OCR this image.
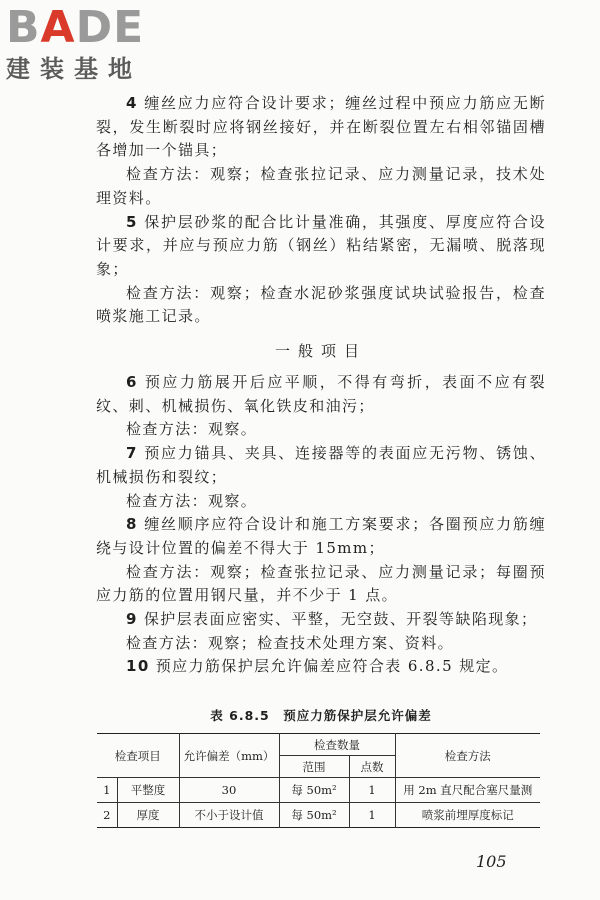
BADE
建装基地

4 缠丝应力应符合设计要求；缠丝过程中预应力筋应无断裂，发生断裂时应将钢丝接好，并在断裂位置左右相邻锚固槽各增加一个锚具；

检查方法：观察；检查张拉记录、应力测量记录，技术处理资料。

5 保护层砂浆的配合比计量准确，其强度、厚度应符合设计要求，并应与预应力筋（钢丝）粘结紧密，无漏喷、脱落现象；

检查方法：观察；检查水泥砂浆强度试块试验报告，检查喷浆施工记录。

一般项目

6 预应力筋展开后应平顺，不得有弯折，表面不应有裂纹、刺、机械损伤、氧化铁皮和油污；

检查方法：观察。

7 预应力锚具、夹具、连接器等的表面应无污物、锈蚀、机械损伤和裂纹；

检查方法：观察。

8 缠丝顺序应符合设计和施工方案要求；各圈预应力筋缠绕与设计位置的偏差不得大于 15mm；

检查方法：观察；检查张拉记录、应力测量记录；每圈预应力筋的位置用钢尺量，并不少于 1 点。

9 保护层表面应密实、平整，无空鼓、开裂等缺陷现象；

检查方法：观察；检查技术处理方案、资料。

10 预应力筋保护层允许偏差应符合表 6.8.5 规定。

表 6.8.5　预应力筋保护层允许偏差
检查项目		允许偏差（mm）	检查数量		检查方法
			范围	点数	
1	平整度	30	每 50m²	1	用 2m 直尺配合塞尺量测
2	厚度	不小于设计值	每 50m²	1	喷浆前埋厚度标记
105
